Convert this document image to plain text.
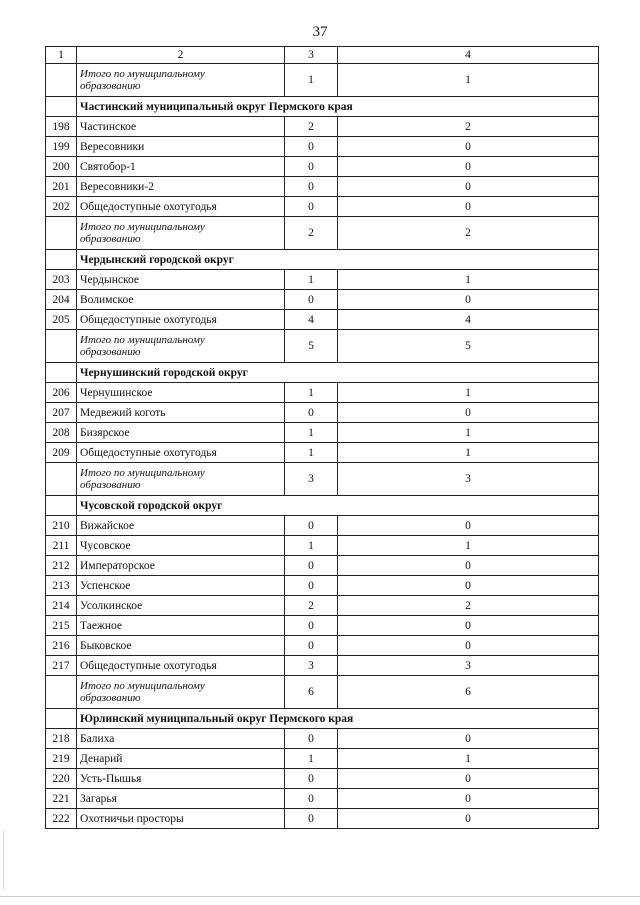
37
1	2	3	4
	Итого по муниципальному образованию	1	1
	Частинский муниципальный округ Пермского края		
198	Частинское	2	2
199	Вересовники	0	0
200	Святобор-1	0	0
201	Вересовники-2	0	0
202	Общедоступные охотугодья	0	0
	Итого по муниципальному образованию	2	2
	Чердынский городской округ		
203	Чердынское	1	1
204	Волимское	0	0
205	Общедоступные охотугодья	4	4
	Итого по муниципальному образованию	5	5
	Чернушинский городской округ		
206	Чернушинское	1	1
207	Медвежий коготь	0	0
208	Бизярское	1	1
209	Общедоступные охотугодья	1	1
	Итого по муниципальному образованию	3	3
	Чусовской городской округ		
210	Вижайское	0	0
211	Чусовское	1	1
212	Императорское	0	0
213	Успенское	0	0
214	Усолкинское	2	2
215	Таежное	0	0
216	Быковское	0	0
217	Общедоступные охотугодья	3	3
	Итого по муниципальному образованию	6	6
	Юрлинский муниципальный округ Пермского края		
218	Балиха	0	0
219	Денарий	1	1
220	Усть-Пышья	0	0
221	Загарья	0	0
222	Охотничьи просторы	0	0
